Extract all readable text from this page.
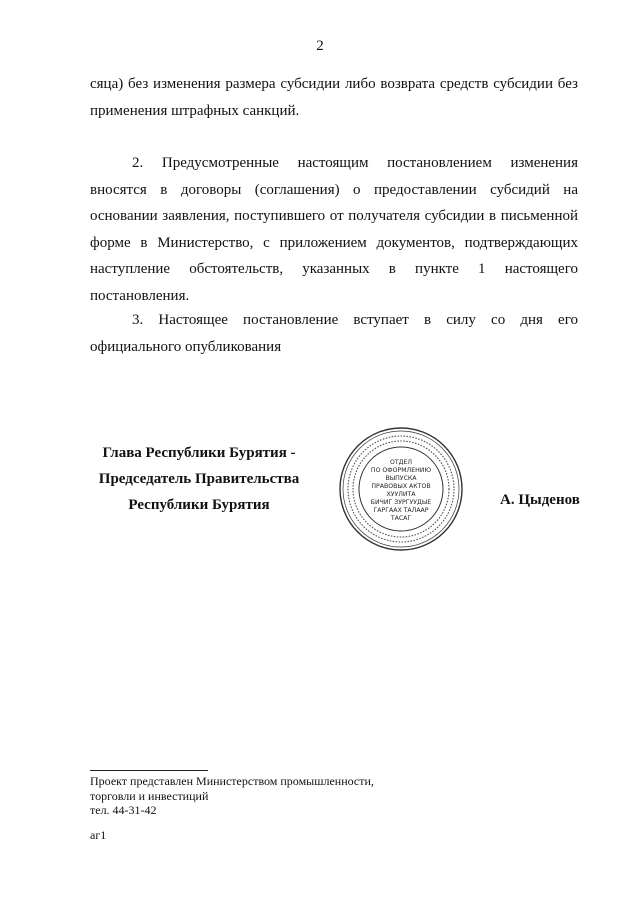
2

сяца) без изменения размера субсидии либо возврата средств субсидии без применения штрафных санкций.

2. Предусмотренные настоящим постановлением изменения вносятся в договоры (соглашения) о предоставлении субсидий на основании заявления, поступившего от получателя субсидии в письменной форме в Министерство, с приложением документов, подтверждающих наступление обстоятельств, указанных в пункте 1 настоящего постановления.

3. Настоящее постановление вступает в силу со дня его официального опубликования

Глава Республики Бурятия -
Председатель Правительства
Республики Бурятия
ОТДЕЛ
ПО ОФОРМЛЕНИЮ
ВЫПУСКА
ПРАВОВЫХ АКТОВ
ХУУЛИТА
БИЧИГ ЗУРГУУДЫЕ
ГАРГААХ ТАЛААР
ТАСАГ
А. Цыденов
Проект представлен Министерством промышленности,
торговли и инвестиций
тел. 44-31-42
аг1
